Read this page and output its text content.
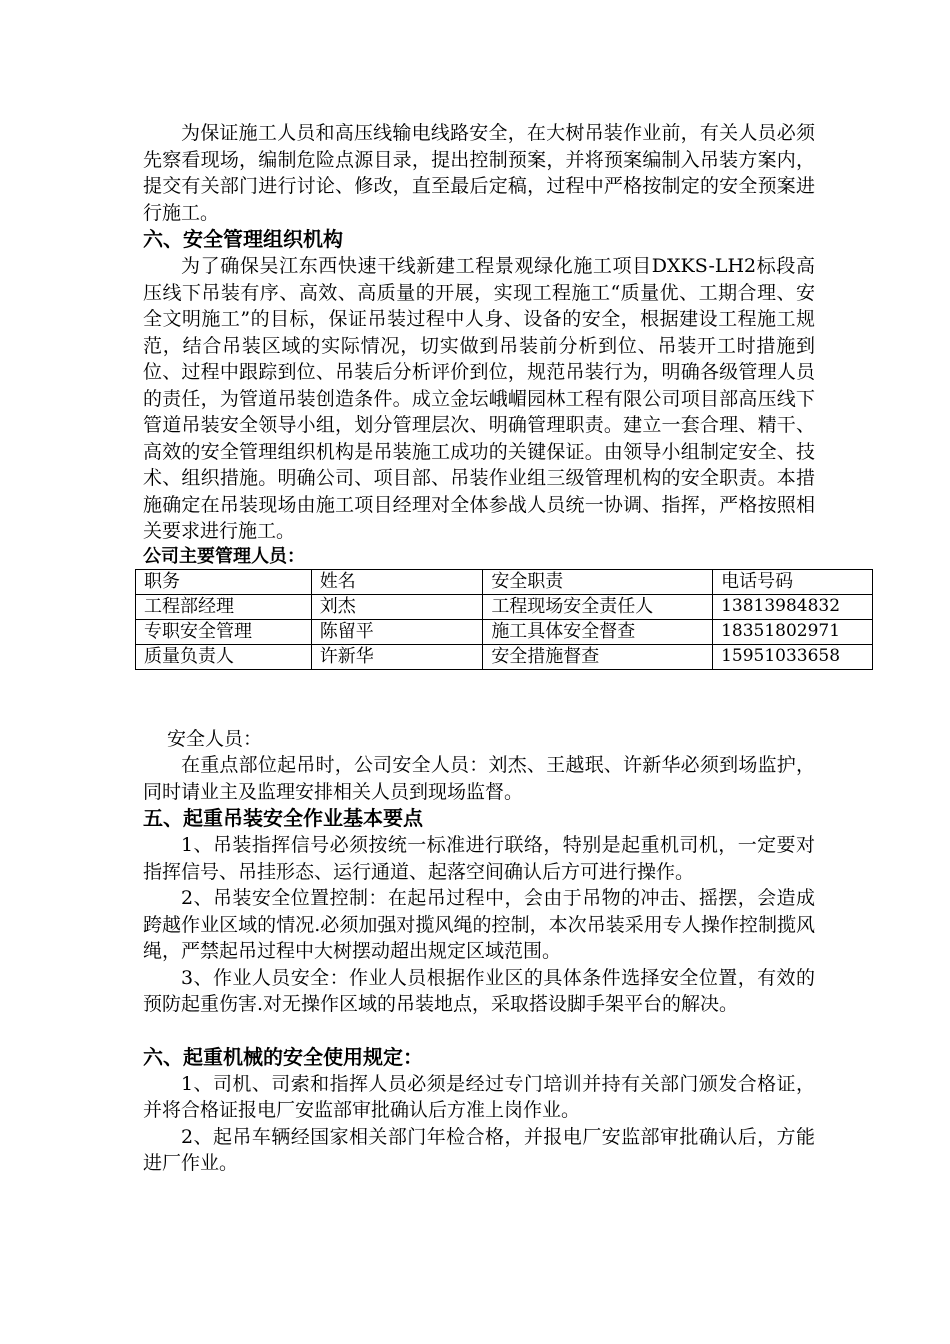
为保证施工人员和高压线输电线路安全，在大树吊装作业前，有关人员必须先察看现场，编制危险点源目录，提出控制预案，并将预案编制入吊装方案内，提交有关部门进行讨论、修改，直至最后定稿，过程中严格按制定的安全预案进行施工。

六、安全管理组织机构

为了确保吴江东西快速干线新建工程景观绿化施工项目DXKS-LH2标段高压线下吊装有序、高效、高质量的开展，实现工程施工“质量优、工期合理、安全文明施工”的目标，保证吊装过程中人身、设备的安全，根据建设工程施工规范，结合吊装区域的实际情况，切实做到吊装前分析到位、吊装开工时措施到位、过程中跟踪到位、吊装后分析评价到位，规范吊装行为，明确各级管理人员的责任，为管道吊装创造条件。成立金坛峨嵋园林工程有限公司项目部高压线下管道吊装安全领导小组，划分管理层次、明确管理职责。建立一套合理、精干、高效的安全管理组织机构是吊装施工成功的关键保证。由领导小组制定安全、技术、组织措施。明确公司、项目部、吊装作业组三级管理机构的安全职责。本措施确定在吊装现场由施工项目经理对全体参战人员统一协调、指挥，严格按照相关要求进行施工。

公司主要管理人员：
职务	姓名	安全职责	电话号码
工程部经理	刘杰	工程现场安全责任人	13813984832
专职安全管理	陈留平	施工具体安全督查	18351802971
质量负责人	许新华	安全措施督查	15951033658

安全人员：

在重点部位起吊时，公司安全人员：刘杰、王越珉、许新华必须到场监护，同时请业主及监理安排相关人员到现场监督。

五、起重吊装安全作业基本要点

1、吊装指挥信号必须按统一标准进行联络，特别是起重机司机，一定要对指挥信号、吊挂形态、运行通道、起落空间确认后方可进行操作。

2、吊装安全位置控制：在起吊过程中，会由于吊物的冲击、摇摆，会造成跨越作业区域的情况.必须加强对揽风绳的控制，本次吊装采用专人操作控制揽风绳，严禁起吊过程中大树摆动超出规定区域范围。

3、作业人员安全：作业人员根据作业区的具体条件选择安全位置，有效的预防起重伤害.对无操作区域的吊装地点，采取搭设脚手架平台的解决。

六、起重机械的安全使用规定：

1、司机、司索和指挥人员必须是经过专门培训并持有关部门颁发合格证，并将合格证报电厂安监部审批确认后方准上岗作业。

2、起吊车辆经国家相关部门年检合格，并报电厂安监部审批确认后，方能进厂作业。
